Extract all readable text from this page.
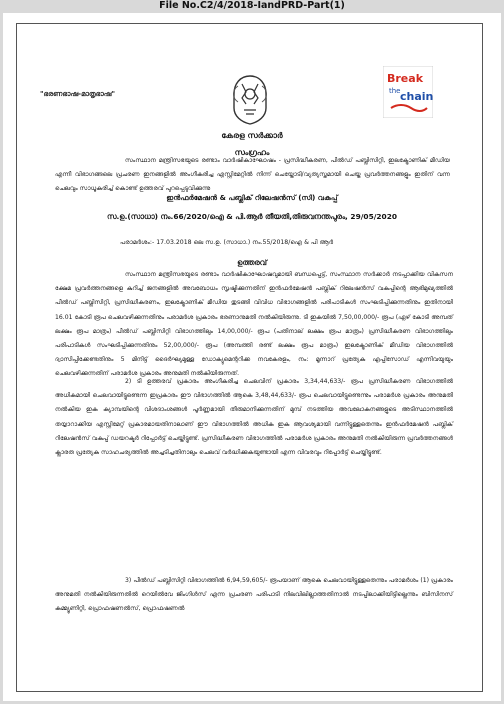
File No.C2/4/2018-IandPRD-Part(1)
"ഭരണഭാഷ-മാതൃഭാഷ"
Break
the chain
കേരള സർക്കാർ
സംഗ്രഹം
സംസ്ഥാന മന്ത്രിസഭയുടെ രണ്ടാം വാർഷികാഘോഷം - പ്രസിദ്ധീകരണ, പീൽഡ് പബ്ലിസിറ്റി, ഇലക്ട്രോണിക് മീഡിയ എന്നീ വിഭാഗങ്ങലെ പ്രചരണ ഇനങ്ങളിൽ അംഗീകരിച്ച എസ്റ്റിമേറ്റിൽ നിന്ന് ചെയ്തോടി/വ്യത്യസ്തമായി ചെയ്ത പ്രവർത്തനങ്ങളും ഇതിന് വന്ന ചെലവും സാധൂകരിച്ച് കൊണ്ട് ഉത്തരവ് പുറപ്പെടുവിക്കുന്നു
ഇൻഫർമേഷൻ & പബ്ലിക് റിലേഷൻസ് (സി) വകുപ്പ്
സ.ഉ.(സാധാ) നം.66/2020/ഐ & പി.ആർ തീയതി,തിരുവനന്തപുരം, 29/05/2020
പരാമർശം:- 17.03.2018 ലെ സ.ഉ. (സാധാ.) നം.55/2018/ഐ & പി ആർ
ഉത്തരവ്
സംസ്ഥാന മന്ത്രിസഭയുടെ രണ്ടാം വാർഷികാഘോഷവുമായി ബന്ധപ്പെട്ട്, സംസ്ഥാന സർക്കാർ നടപ്പാക്കിയ വികസന ക്ഷേമ പ്രവർത്തനങ്ങളെ കുറിച്ച് ജനങ്ങളിൽ അവബോധം സൃഷ്ടിക്കുന്നതിന് ഇൻഫർമേഷൻ പബ്ലിക് റിലേഷൻസ് വകുപ്പിന്റെ ആഭിമുഖ്യത്തിൽ പീൽഡ് പബ്ലിസിറ്റി, പ്രസിദ്ധീകരണം, ഇലക്ട്രോണിക് മീഡിയ തുടങ്ങി വിവിധ വിഭാഗങ്ങളിൽ പരിപാടികൾ സംഘടിപ്പിക്കുന്നതിനും ഇതിനായി 16.01 കോടി രൂപ ചെലവഴിക്കുന്നതിനും പരാമർശ പ്രകാരം ഭരണാനുമതി നൽകിയിരുന്നു. ടി ഇകയിൽ 7,50,00,000/- രൂപ (ഏഴ് കോടി അമ്പത് ലക്ഷം രൂപ മാത്രം) പീൽഡ് പബ്ലിസിറ്റി വിഭാഗത്തിലും 14,00,000/- രൂപ (പതിനാല് ലക്ഷം രൂപ മാത്രം) പ്രസിദ്ധീകരണ വിഭാഗത്തിലും പരിപാടികൾ സംഘടിപ്പിക്കുന്നതിനും 52,00,000/- രൂപ (അമ്പത്തി രണ്ട് ലക്ഷം രൂപ മാത്രം) ഇലക്ട്രോണിക് മീഡിയ വിഭാഗത്തിൽ ദ്വാസിപ്പിക്കേണ്ടതിനും 5 മിനിട്ട് ദൈർഘ്യമുള്ള ഡോക്യുമെന്ററിക്ക നവകേരളം, നം: മൂന്നാറ് പ്രത്യേക എപ്പിസോഡ് എന്നിവയുയും ചെലവഴിക്കുന്നതിന് പരാമർശ പ്രകാരം അനുമതി നൽകിയിരുന്നത്.
2) ടി ഉത്തരവ് പ്രകാരം അംഗീകരിച്ച ചെലവിന് പ്രകാരം 3,34,44,633/- രൂപ പ്രസിദ്ധീകരണ വിഭാഗത്തിൽ അധികമായി ചെലവായിട്ടുണ്ടെന്ന ഇപ്രകാരം ഈ വിഭാഗത്തിൽ ആകെ 3,48,44,633/- രൂപ ചെലവായിട്ടുണ്ടെന്നും പരാമർശ പ്രകാരം അനുമതി നൽകിയ ഇക ക്യാമ്പയിന്റെ വിശദാംശങ്ങൾ പൂർണ്ണമായി തീരുമാനിക്കുന്നതിന് മുമ്പ് നടത്തിയ അവലോകനങ്ങളുടെ അടിസ്ഥാനത്തിൽ തയ്യാറാക്കിയ എസ്റ്റിമേറ്റ് പ്രകാരമായതിനാലാണ് ഈ വിഭാഗത്തിൽ അധിക ഇക ആവശ്യമായി വന്നിട്ടുള്ളതെന്നും ഇൻഫർമേഷൻ പബ്ലിക് റിലേഷൻസ് വകുപ്പ് ഡയറക്ടർ റിപ്പോർട്ട് ചെയ്തിട്ടുണ്ട്. പ്രസിദ്ധീകരണ വിഭാഗത്തിൽ പരാമർശ പ്രകാരം അനുമതി നൽകിയിരുന്ന പ്രവർത്തനങ്ങൾ ക്ലാരത പ്രത്യേക സാഹചര്യത്തിൽ അച്ചടിച്ചതിനാലും ചെലവ് വർദ്ധിക്കുകയുണ്ടായി എന്ന വിവരവും റിപ്പോർട്ട് ചെയ്തിട്ടുണ്ട്.
3) പീൽഡ് പബ്ലിസിറ്റി വിഭാഗത്തിൽ 6,94,59,605/- രൂപയാണ് ആകെ ചെലവായിട്ടുള്ളതെന്നും പരാമർശം (1) പ്രകാരം അനുമതി നൽകിയിരുന്നതിൽ റെയിൽവേ ജിംഗിൾസ് എന്ന പ്രചരണ പരിപാടി നിലവിലില്ലാത്തതിനാൽ നടപ്പിലാക്കിയിട്ടില്ലെന്നും ബിസിനസ് കമ്മ്യൂണിറ്റി, പ്രൊഫഷണൽസ്, പ്രൊഫഷണൽ
